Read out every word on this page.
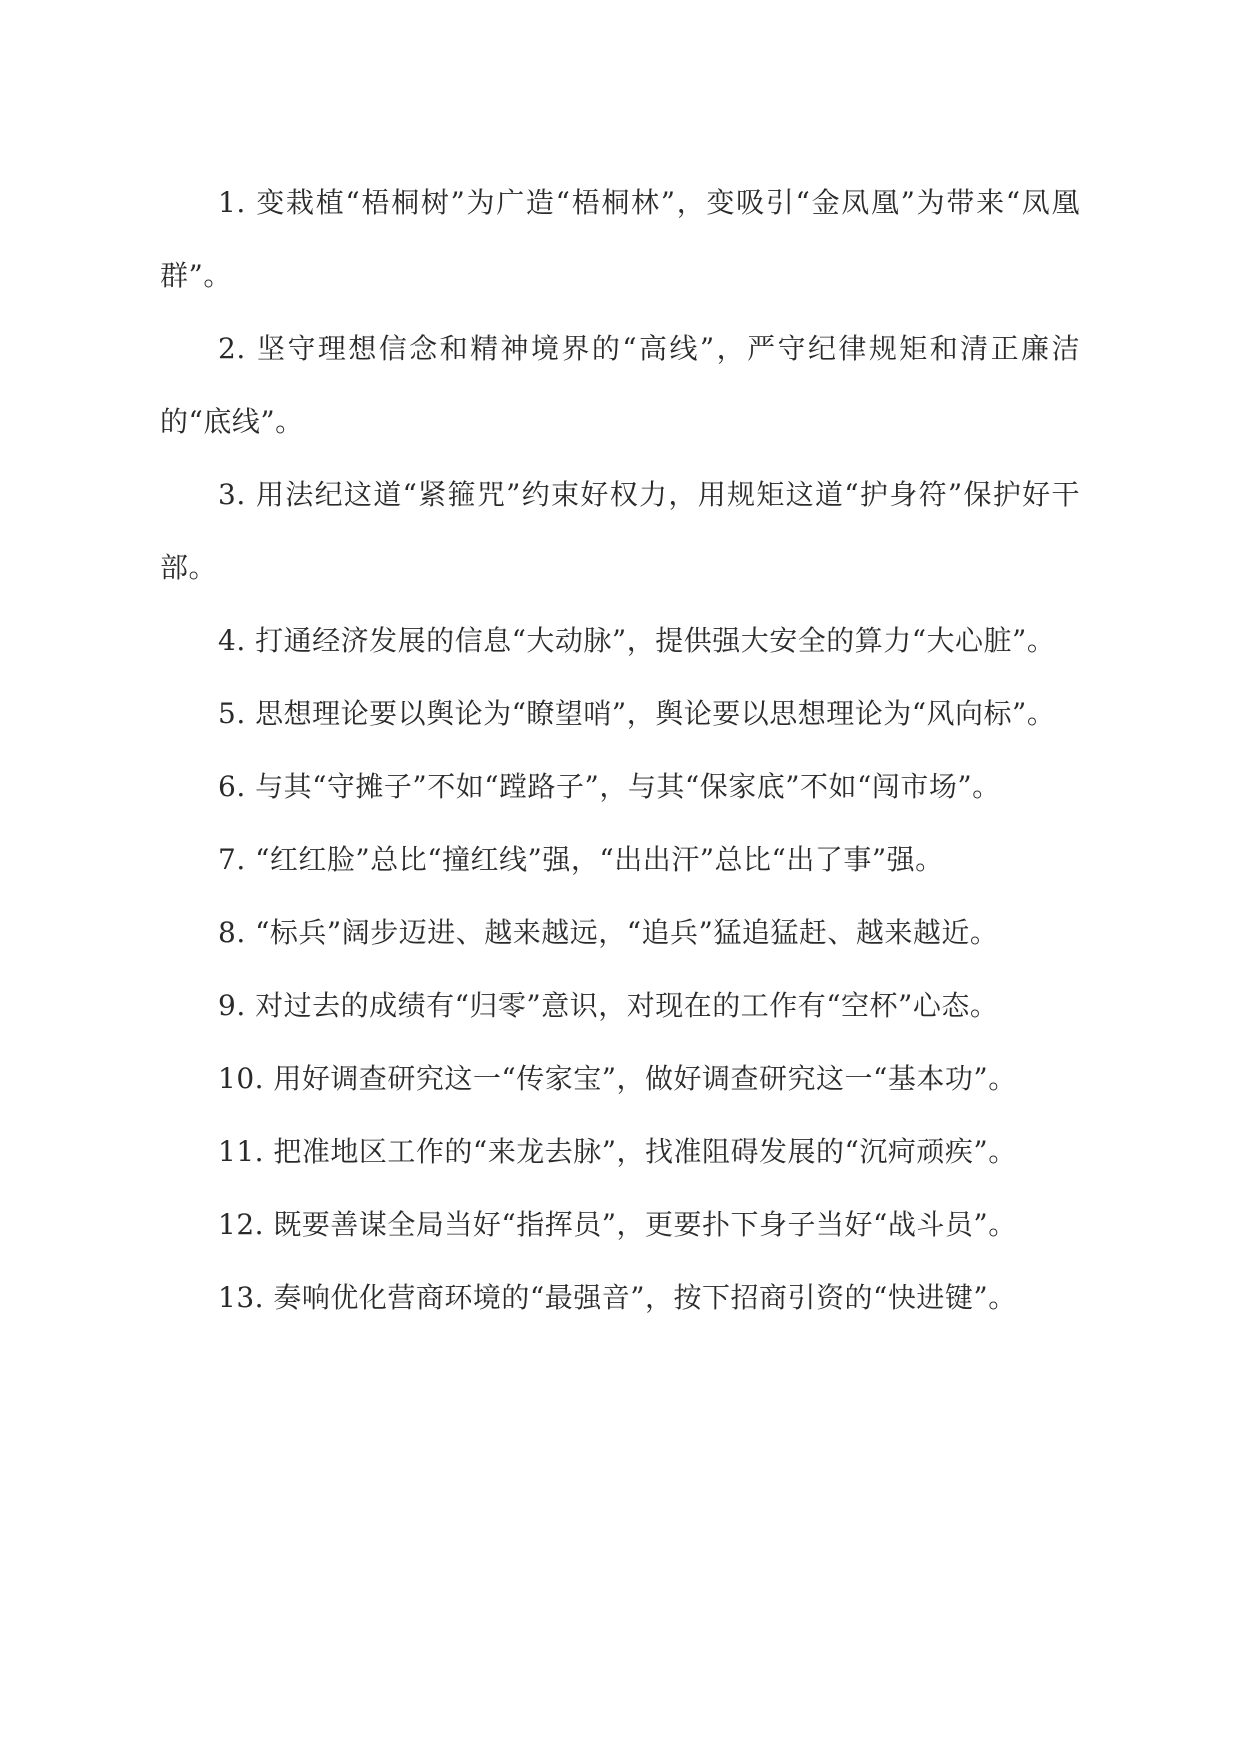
1. 变栽植“梧桐树”为广造“梧桐林”，变吸引“金凤凰”为带来“凤凰群”。

2. 坚守理想信念和精神境界的“高线”，严守纪律规矩和清正廉洁的“底线”。

3. 用法纪这道“紧箍咒”约束好权力，用规矩这道“护身符”保护好干部。

4. 打通经济发展的信息“大动脉”，提供强大安全的算力“大心脏”。

5. 思想理论要以舆论为“瞭望哨”，舆论要以思想理论为“风向标”。

6. 与其“守摊子”不如“蹚路子”，与其“保家底”不如“闯市场”。

7. “红红脸”总比“撞红线”强，“出出汗”总比“出了事”强。

8. “标兵”阔步迈进、越来越远，“追兵”猛追猛赶、越来越近。

9. 对过去的成绩有“归零”意识，对现在的工作有“空杯”心态。

10. 用好调查研究这一“传家宝”，做好调查研究这一“基本功”。

11. 把准地区工作的“来龙去脉”，找准阻碍发展的“沉疴顽疾”。

12. 既要善谋全局当好“指挥员”，更要扑下身子当好“战斗员”。

13. 奏响优化营商环境的“最强音”，按下招商引资的“快进键”。
